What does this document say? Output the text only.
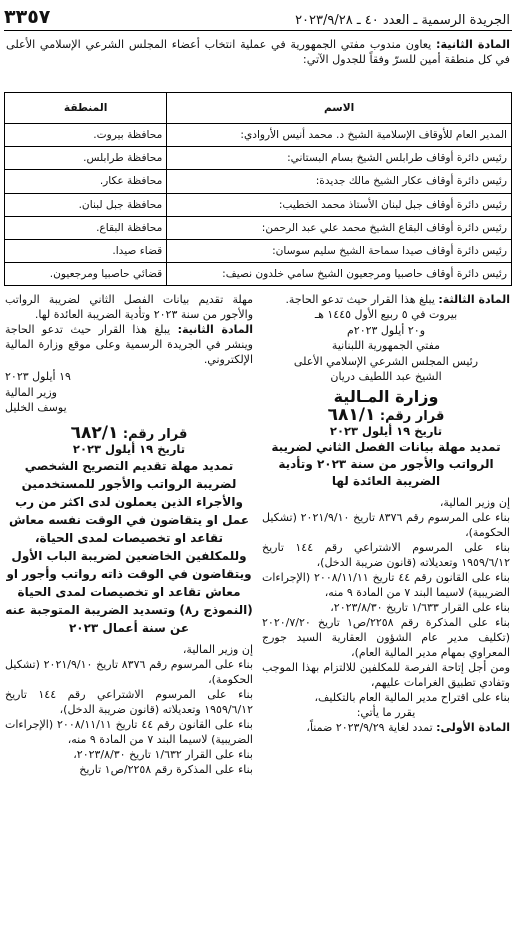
الجريدة الرسمية ـ العدد ٤٠ ـ ٢٠٢٣/٩/٢٨
٣٣٥٧
المادة الثانية: يعاون مندوب مفتي الجمهورية في عملية انتخاب أعضاء المجلس الشرعي الإسلامي الأعلى في كل منطقة أمين للسرّ وفقاً للجدول الآتي:
الاسم	المنطقة
المدير العام للأوقاف الإسلامية الشيخ د. محمد أنيس الأروادي:	محافظة بيروت.
رئيس دائرة أوقاف طرابلس الشيخ بسام البستاني:	محافظة طرابلس.
رئيس دائرة أوقاف عكار الشيخ مالك جديدة:	محافظة عكار.
رئيس دائرة أوقاف جبل لبنان الأستاذ محمد الخطيب:	محافظة جبل لبنان.
رئيس دائرة أوقاف البقاع الشيخ محمد علي عبد الرحمن:	محافظة البقاع.
رئيس دائرة أوقاف صيدا سماحة الشيخ سليم سوسان:	قضاء صيدا.
رئيس دائرة أوقاف حاصبيا ومرجعيون الشيخ سامي خلدون نصيف:	قضائي حاصبيا ومرجعيون.

المادة الثالثة: يبلغ هذا القرار حيث تدعو الحاجة.

بيروت في ٥ ربيع الأول ١٤٤٥ هـ
و٢٠ أيلول ٢٠٢٣م
مفتي الجمهورية اللبنانية
رئيس المجلس الشرعي الإسلامي الأعلى
الشيخ عبد اللطيف دريان
وزارة المـالية
قرار رقم: ٦٨١/١
تاريخ ١٩ أيلول ٢٠٢٣
تمديد مهلة بيانات الفصل الثاني لضريبة الرواتب والأجور من سنة ٢٠٢٣ وتأدية الضريبة العائدة لها

إن وزير المالية،

بناء على المرسوم رقم ٨٣٧٦ تاريخ ٢٠٢١/٩/١٠ (تشكيل الحكومة)،

بناء على المرسوم الاشتراعي رقم ١٤٤ تاريخ ١٩٥٩/٦/١٢ وتعديلاته (قانون ضريبة الدخل)،

بناء على القانون رقم ٤٤ تاريخ ٢٠٠٨/١١/١١ (الإجراءات الضريبية) لاسيما البند ٧ من المادة ٩ منه،

بناء على القرار ١/٦٣٣ تاريخ ٢٠٢٣/٨/٣٠،

بناء على المذكرة رقم ٢٢٥٨/ص١ تاريخ ٢٠٢٠/٧/٢٠ (تكليف مدير عام الشؤون العقارية السيد جورج المعراوي بمهام مدير المالية العام)،

ومن أجل إتاحة الفرصة للمكلفين للالتزام بهذا الموجب وتفادي تطبيق الغرامات عليهم،

بناء على اقتراح مدير المالية العام بالتكليف،

يقرر ما يأتي:

المادة الأولى: تمدد لغاية ٢٠٢٣/٩/٢٩ ضمناً،

مهلة تقديم بيانات الفصل الثاني لضريبة الرواتب والأجور من سنة ٢٠٢٣ وتأدية الضريبة العائدة لها.

المادة الثانية: يبلغ هذا القرار حيث تدعو الحاجة وينشر في الجريدة الرسمية وعلى موقع وزارة المالية الإلكتروني.

١٩ أيلول ٢٠٢٣
وزير المالية
يوسف الخليل
قرار رقم: ٦٨٢/١
تاريخ ١٩ أيلول ٢٠٢٣
تمديد مهلة تقديم التصريح الشخصي لضريبة الرواتب والأجور للمستخدمين والأجراء الذين يعملون لدى اكثر من رب عمل او يتقاضون في الوقت نفسه معاش تقاعد او تخصيصات لمدى الحياة، وللمكلفين الخاضعين لضريبة الباب الأول ويتقاضون في الوقت ذاته رواتب وأجور او معاش تقاعد او تخصيصات لمدى الحياة (النموذج ر٨) وتسديد الضريبة المتوجبة عنه عن سنة أعمال ٢٠٢٣

إن وزير المالية،

بناء على المرسوم رقم ٨٣٧٦ تاريخ ٢٠٢١/٩/١٠ (تشكيل الحكومة)،

بناء على المرسوم الاشتراعي رقم ١٤٤ تاريخ ١٩٥٩/٦/١٢ وتعديلاته (قانون ضريبة الدخل)،

بناء على القانون رقم ٤٤ تاريخ ٢٠٠٨/١١/١١ (الإجراءات الضريبية) لاسيما البند ٧ من المادة ٩ منه،

بناء على القرار ١/٦٣٢ تاريخ ٢٠٢٣/٨/٣٠،

بناء على المذكرة رقم ٢٢٥٨/ص١ تاريخ
